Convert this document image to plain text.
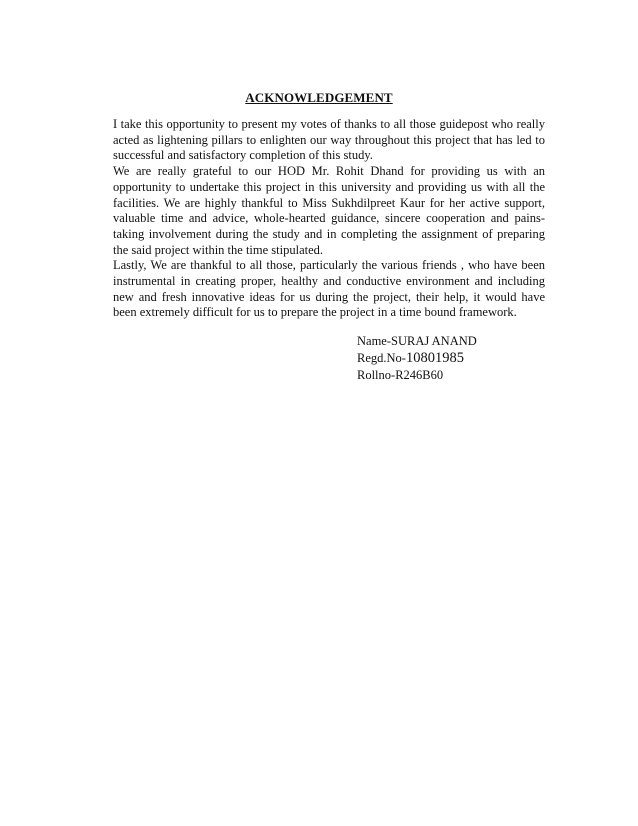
ACKNOWLEDGEMENT

I take this opportunity to present my votes of thanks to all those guidepost who really acted as lightening pillars to enlighten our way throughout this project that has led to successful and satisfactory completion of this study.

We are really grateful to our HOD Mr. Rohit Dhand for providing us with an opportunity to undertake this project in this university and providing us with all the facilities. We are highly thankful to Miss Sukhdilpreet Kaur for her active support, valuable time and advice, whole-hearted guidance, sincere cooperation and pains-taking involvement during the study and in completing the assignment of preparing the said project within the time stipulated.

Lastly, We are thankful to all those, particularly the various friends , who have been instrumental in creating proper, healthy and conductive environment and including new and fresh innovative ideas for us during the project, their help, it would have been extremely difficult for us to prepare the project in a time bound framework.

Name-SURAJ ANAND
Regd.No-10801985
Rollno-R246B60
